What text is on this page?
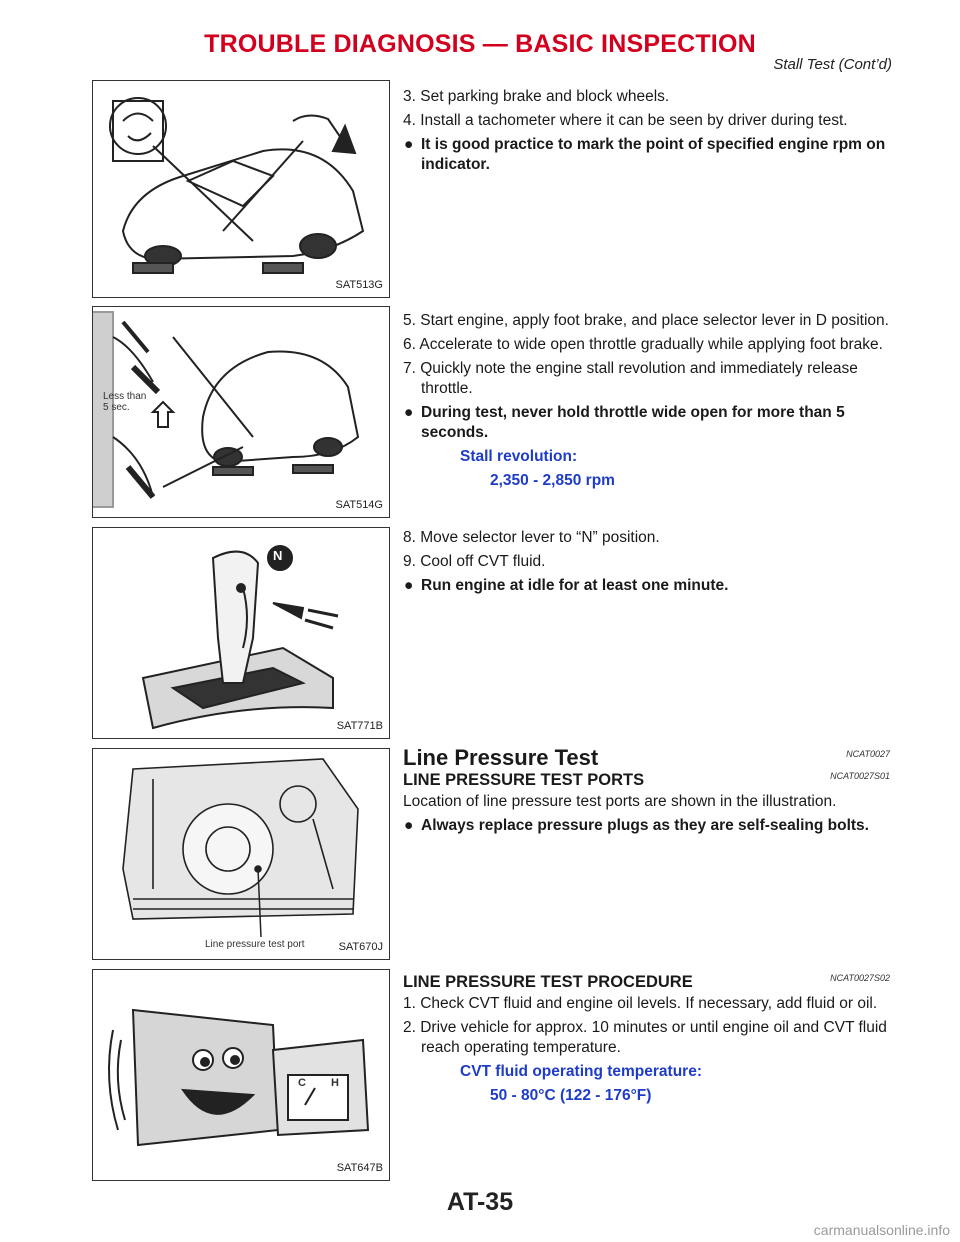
TROUBLE DIAGNOSIS — BASIC INSPECTION
Stall Test (Cont’d)
SAT513G
Less than 5 sec.
SAT514G
N
SAT771B
Line pressure test port	SAT670J
C H
SAT647B

3. Set parking brake and block wheels.

4. Install a tachometer where it can be seen by driver during test.

● It is good practice to mark the point of specified engine rpm on indicator.

5. Start engine, apply foot brake, and place selector lever in D position.

6. Accelerate to wide open throttle gradually while applying foot brake.

7. Quickly note the engine stall revolution and immediately release throttle.

● During test, never hold throttle wide open for more than 5 seconds.

Stall revolution:
2,350 - 2,850 rpm

8. Move selector lever to “N” position.

9. Cool off CVT fluid.

● Run engine at idle for at least one minute.

Line Pressure Test	NCAT0027
LINE PRESSURE TEST PORTS	NCAT0027S01

Location of line pressure test ports are shown in the illustration.

● Always replace pressure plugs as they are self-sealing bolts.

LINE PRESSURE TEST PROCEDURE	NCAT0027S02

1. Check CVT fluid and engine oil levels. If necessary, add fluid or oil.

2. Drive vehicle for approx. 10 minutes or until engine oil and CVT fluid reach operating temperature.

CVT fluid operating temperature:
50 - 80°C (122 - 176°F)
AT-35
carmanualsonline.info
